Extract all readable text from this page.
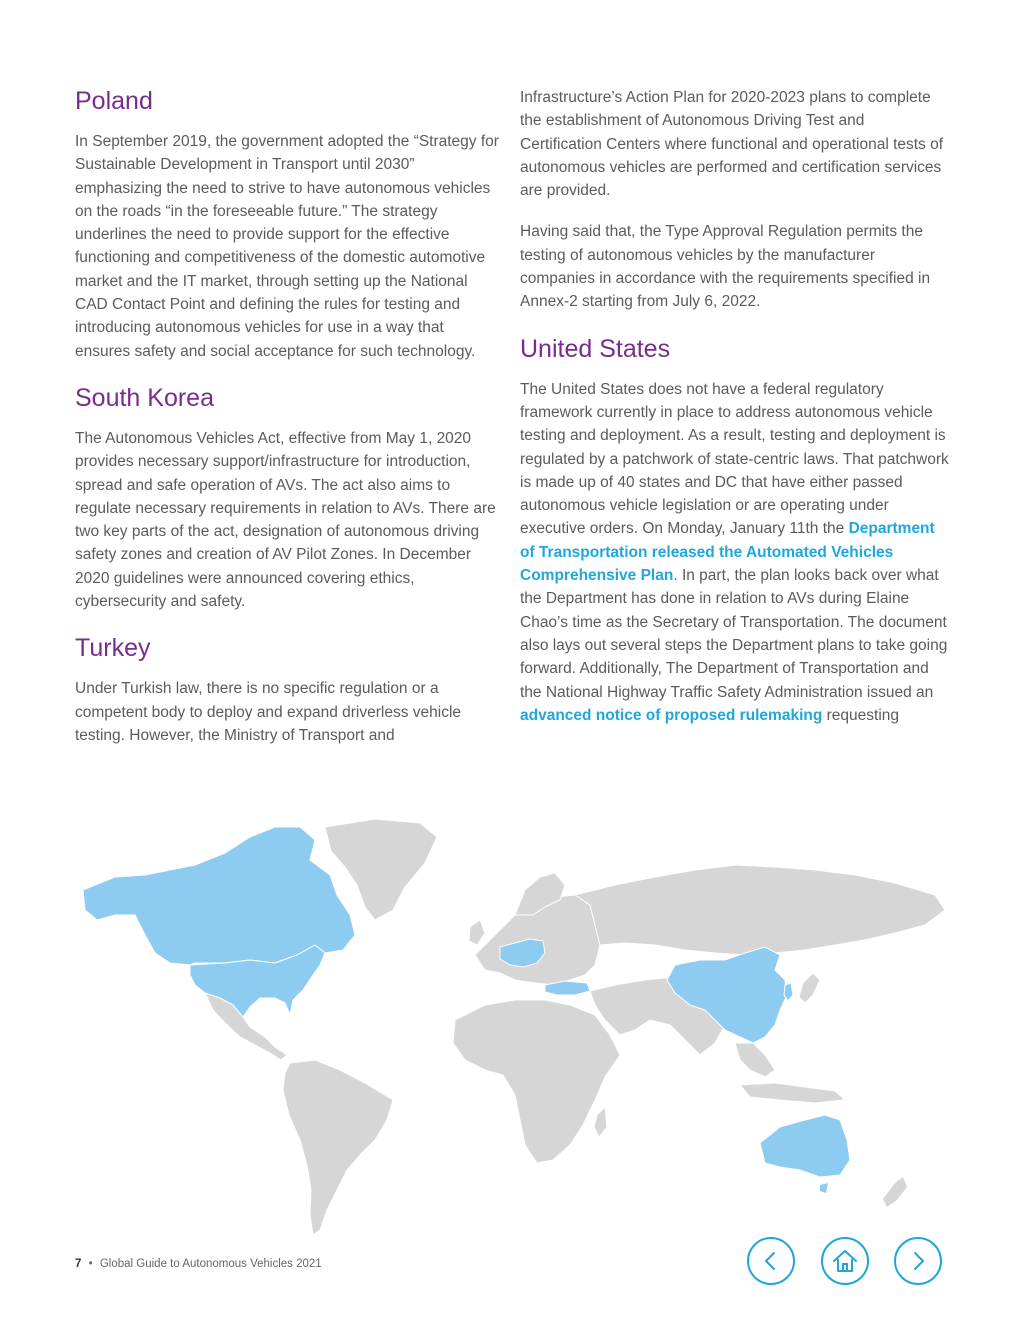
Poland

In September 2019, the government adopted the “Strategy for Sustainable Development in Transport until 2030” emphasizing the need to strive to have autonomous vehicles on the roads “in the foreseeable future.” The strategy underlines the need to provide support for the effective functioning and competitiveness of the domestic automotive market and the IT market, through setting up the National CAD Contact Point and defining the rules for testing and introducing autonomous vehicles for use in a way that ensures safety and social acceptance for such technology.

South Korea

The Autonomous Vehicles Act, effective from May 1, 2020 provides necessary support/infrastructure for introduction, spread and safe operation of AVs. The act also aims to regulate necessary requirements in relation to AVs. There are two key parts of the act, designation of autonomous driving safety zones and creation of AV Pilot Zones. In December 2020 guidelines were announced covering ethics, cybersecurity and safety.

Turkey

Under Turkish law, there is no specific regulation or a competent body to deploy and expand driverless vehicle testing. However, the Ministry of Transport and

Infrastructure’s Action Plan for 2020-2023 plans to complete the establishment of Autonomous Driving Test and Certification Centers where functional and operational tests of autonomous vehicles are performed and certification services are provided.

Having said that, the Type Approval Regulation permits the testing of autonomous vehicles by the manufacturer companies in accordance with the requirements specified in Annex-2 starting from July 6, 2022.

United States

The United States does not have a federal regulatory framework currently in place to address autonomous vehicle testing and deployment. As a result, testing and deployment is regulated by a patchwork of state-centric laws. That patchwork is made up of 40 states and DC that have either passed autonomous vehicle legislation or are operating under executive orders. On Monday, January 11th the Department of Transportation released the Automated Vehicles Comprehensive Plan. In part, the plan looks back over what the Department has done in relation to AVs during Elaine Chao’s time as the Secretary of Transportation. The document also lays out several steps the Department plans to take going forward. Additionally, The Department of Transportation and the National Highway Traffic Safety Administration issued an advanced notice of proposed rulemaking requesting

7 • Global Guide to Autonomous Vehicles 2021
